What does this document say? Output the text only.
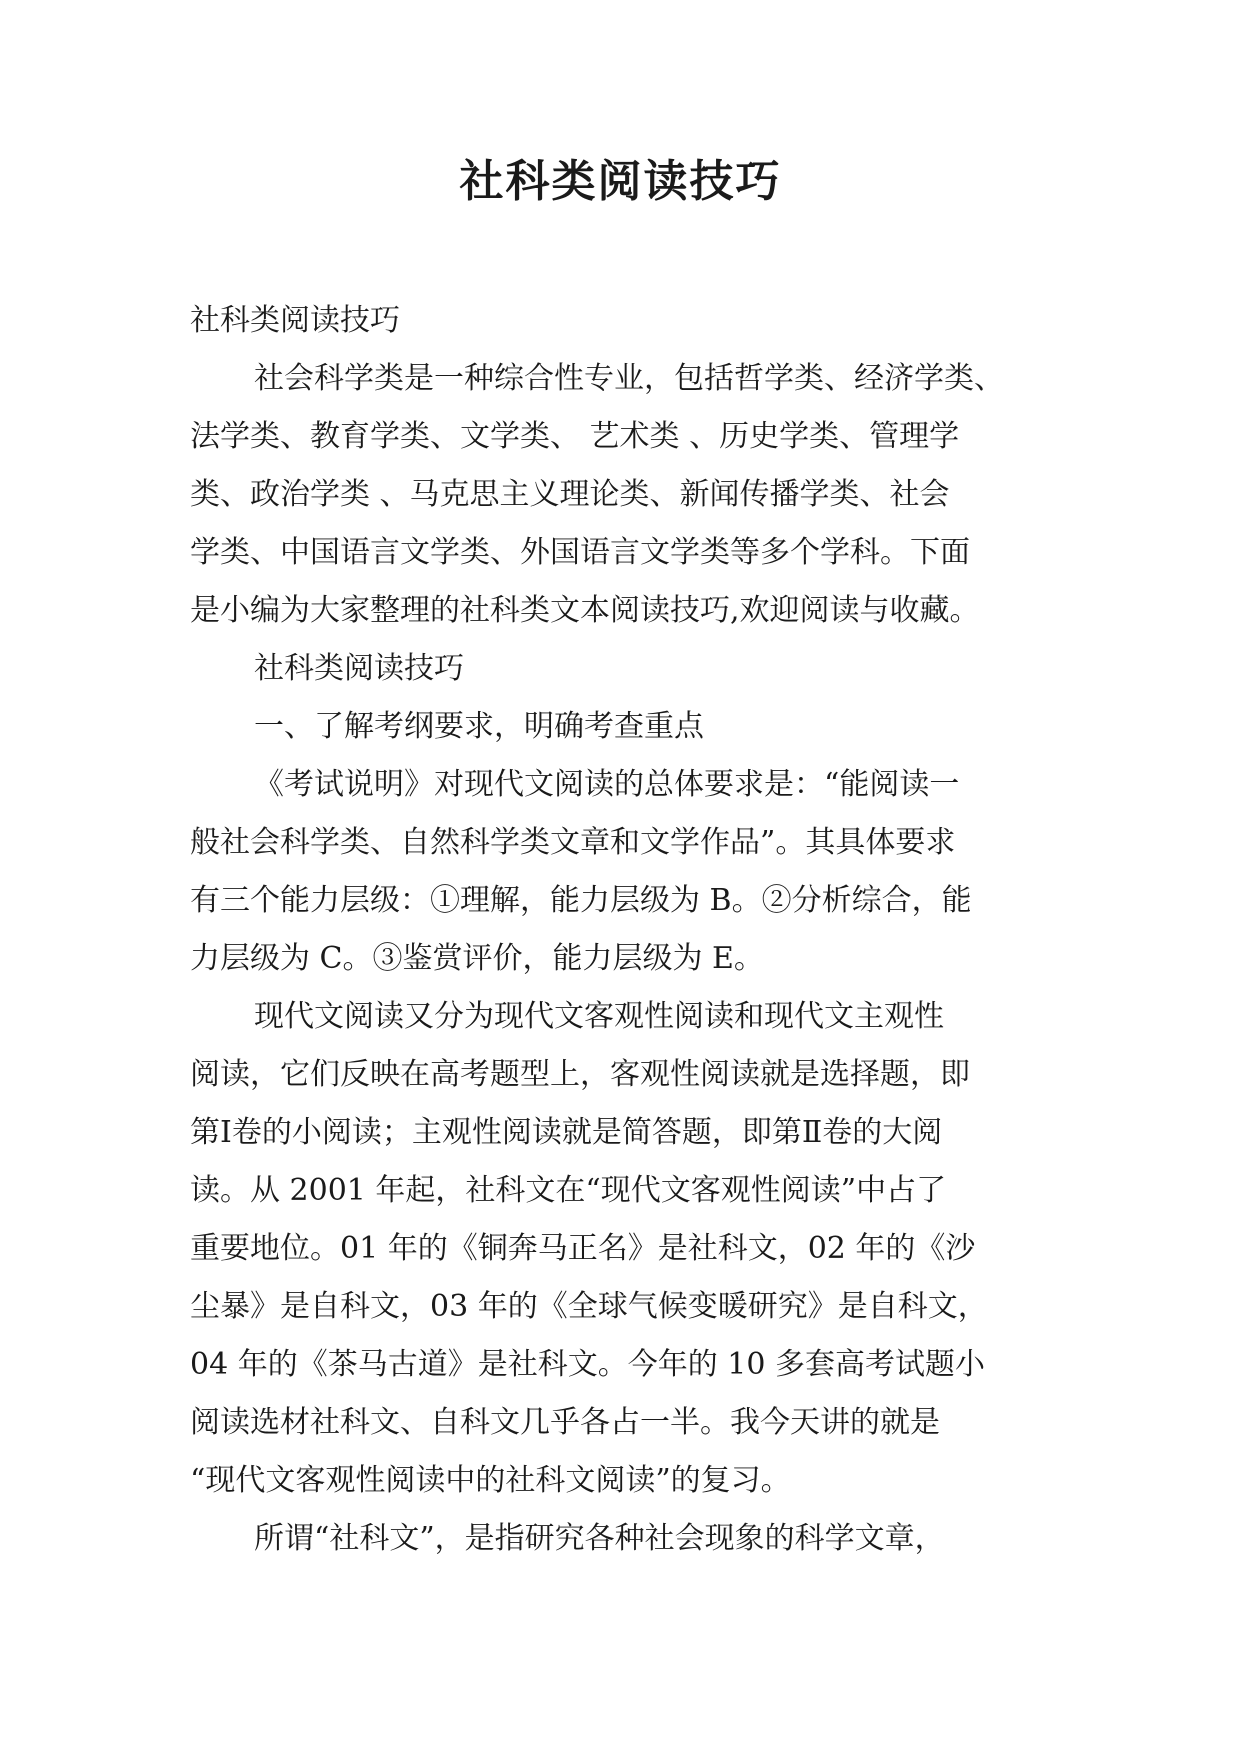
社科类阅读技巧
社科类阅读技巧
社会科学类是一种综合性专业，包括哲学类、经济学类、
法学类、教育学类、文学类、 艺术类 、历史学类、管理学
类、政治学类 、马克思主义理论类、新闻传播学类、社会
学类、中国语言文学类、外国语言文学类等多个学科。下面
是小编为大家整理的社科类文本阅读技巧,欢迎阅读与收藏。
社科类阅读技巧
一、了解考纲要求，明确考查重点
《考试说明》对现代文阅读的总体要求是：“能阅读一
般社会科学类、自然科学类文章和文学作品”。其具体要求
有三个能力层级：①理解，能力层级为 B。②分析综合，能
力层级为 C。③鉴赏评价，能力层级为 E。
现代文阅读又分为现代文客观性阅读和现代文主观性
阅读，它们反映在高考题型上，客观性阅读就是选择题，即
第Ⅰ卷的小阅读；主观性阅读就是简答题，即第Ⅱ卷的大阅
读。从 2001 年起，社科文在“现代文客观性阅读”中占了
重要地位。01 年的《铜奔马正名》是社科文，02 年的《沙
尘暴》是自科文，03 年的《全球气候变暖研究》是自科文，
04 年的《茶马古道》是社科文。今年的 10 多套高考试题小
阅读选材社科文、自科文几乎各占一半。我今天讲的就是
“现代文客观性阅读中的社科文阅读”的复习。
所谓“社科文”，是指研究各种社会现象的科学文章，
